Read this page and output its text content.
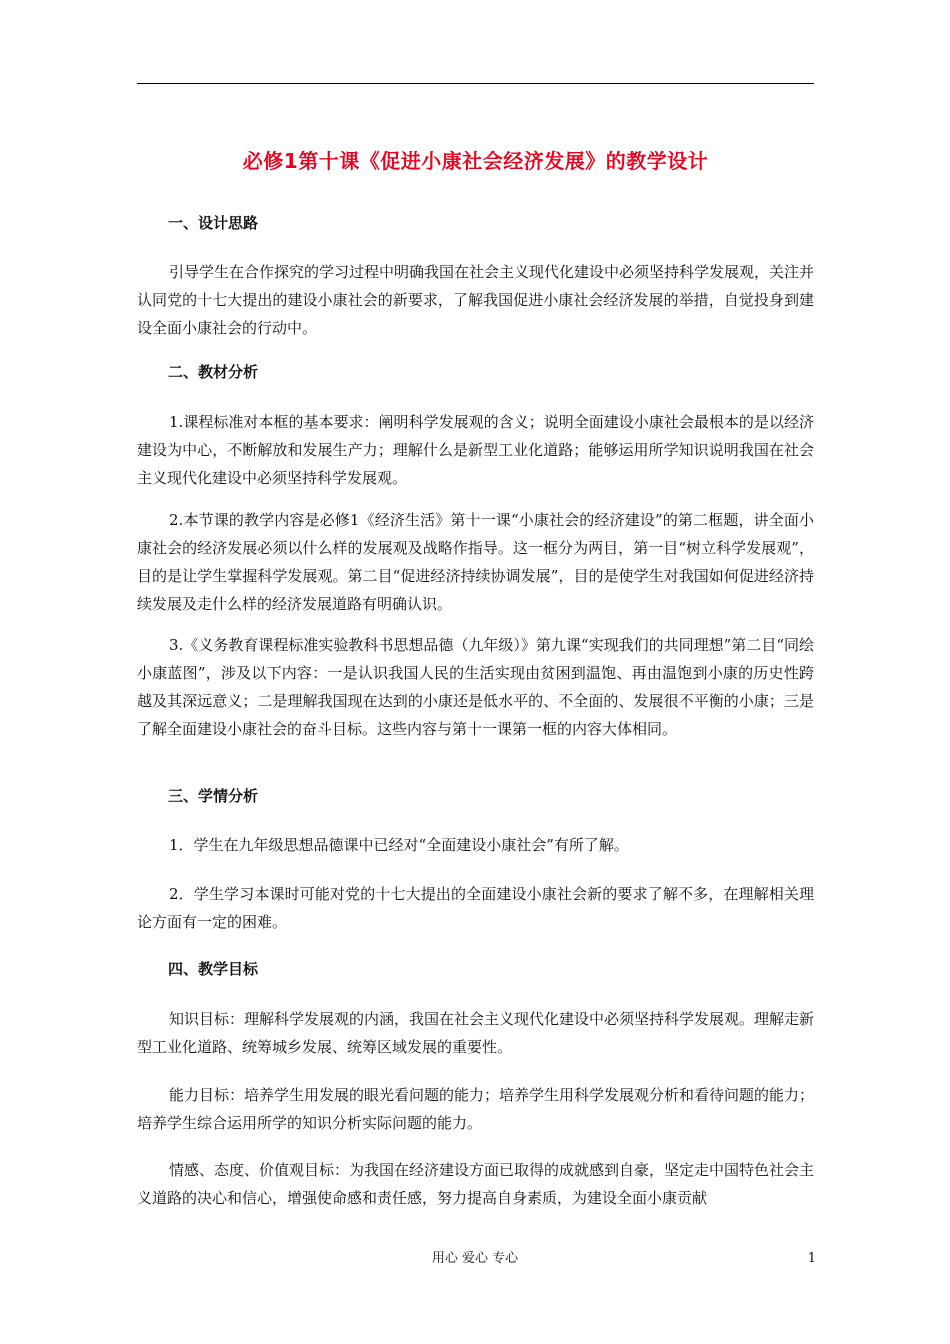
必修1第十课《促进小康社会经济发展》的教学设计
一、设计思路
引导学生在合作探究的学习过程中明确我国在社会主义现代化建设中必须坚持科学发展观，关注并认同党的十七大提出的建设小康社会的新要求，了解我国促进小康社会经济发展的举措，自觉投身到建设全面小康社会的行动中。
二、教材分析
1.课程标准对本框的基本要求：阐明科学发展观的含义；说明全面建设小康社会最根本的是以经济建设为中心，不断解放和发展生产力；理解什么是新型工业化道路；能够运用所学知识说明我国在社会主义现代化建设中必须坚持科学发展观。
2.本节课的教学内容是必修1《经济生活》第十一课“小康社会的经济建设”的第二框题，讲全面小康社会的经济发展必须以什么样的发展观及战略作指导。这一框分为两目，第一目“树立科学发展观”，目的是让学生掌握科学发展观。第二目“促进经济持续协调发展”，目的是使学生对我国如何促进经济持续发展及走什么样的经济发展道路有明确认识。
3.《义务教育课程标准实验教科书思想品德（九年级）》第九课“实现我们的共同理想”第二目“同绘小康蓝图”，涉及以下内容：一是认识我国人民的生活实现由贫困到温饱、再由温饱到小康的历史性跨越及其深远意义；二是理解我国现在达到的小康还是低水平的、不全面的、发展很不平衡的小康；三是了解全面建设小康社会的奋斗目标。这些内容与第十一课第一框的内容大体相同。
三、学情分析
1．学生在九年级思想品德课中已经对“全面建设小康社会”有所了解。
2．学生学习本课时可能对党的十七大提出的全面建设小康社会新的要求了解不多，在理解相关理论方面有一定的困难。
四、教学目标
知识目标：理解科学发展观的内涵，我国在社会主义现代化建设中必须坚持科学发展观。理解走新型工业化道路、统筹城乡发展、统筹区域发展的重要性。
能力目标：培养学生用发展的眼光看问题的能力；培养学生用科学发展观分析和看待问题的能力；培养学生综合运用所学的知识分析实际问题的能力。
情感、态度、价值观目标：为我国在经济建设方面已取得的成就感到自豪，坚定走中国特色社会主义道路的决心和信心，增强使命感和责任感，努力提高自身素质，为建设全面小康贡献
用心 爱心 专心	1
